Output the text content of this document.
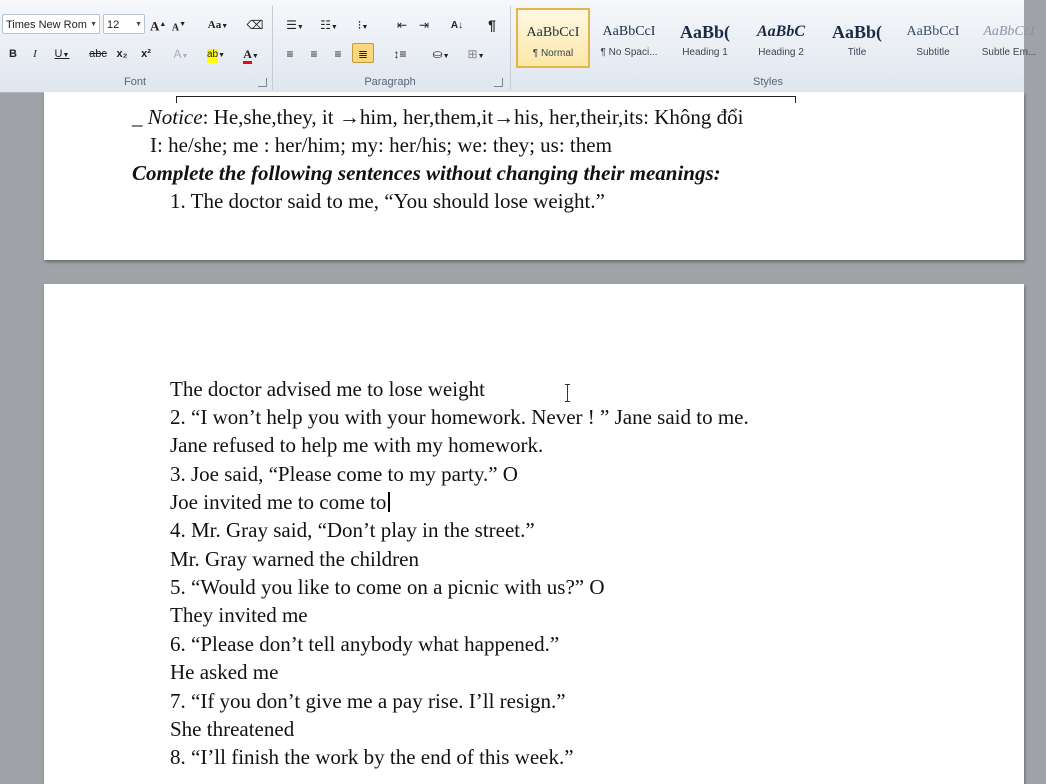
Times New Rom ▼ 12 ▼ A▲ A▼	Aa▼	⌫
B	I	U▼	abc x₂	x²	A▼	ab▼	A▼
Font
☰▼	☷▼	⁝▼	⇤ ⇥	A↓	¶
≡	≡	≡	≣	↕≡	⛀▼	⊞▼
Paragraph
AaBbCcI
¶ Normal
AaBbCcI
¶ No Spaci...
AaBb(
Heading 1
AaBbC
Heading 2
AaBb(
Title
AaBbCcI
Subtitle
AaBbCcI
Subtle Em...
Styles
_ Notice: He,she,they, it →him, her,them,it→his, her,their,its: Không đổi
I: he/she; me : her/him; my: her/his; we: they; us: them
Complete the following sentences without changing their meanings:
1. The doctor said to me, “You should lose weight.”
The doctor advised me to lose weight
2. “I won’t help you with your homework. Never ! ” Jane said to me.
Jane refused to help me with my homework.
3. Joe said, “Please come to my party.” O
Joe invited me to come to
4. Mr. Gray said, “Don’t play in the street.”
Mr. Gray warned the children
5. “Would you like to come on a picnic with us?” O
They invited me
6. “Please don’t tell anybody what happened.”
He asked me
7. “If you don’t give me a pay rise. I’ll resign.”
She threatened
8. “I’ll finish the work by the end of this week.”
